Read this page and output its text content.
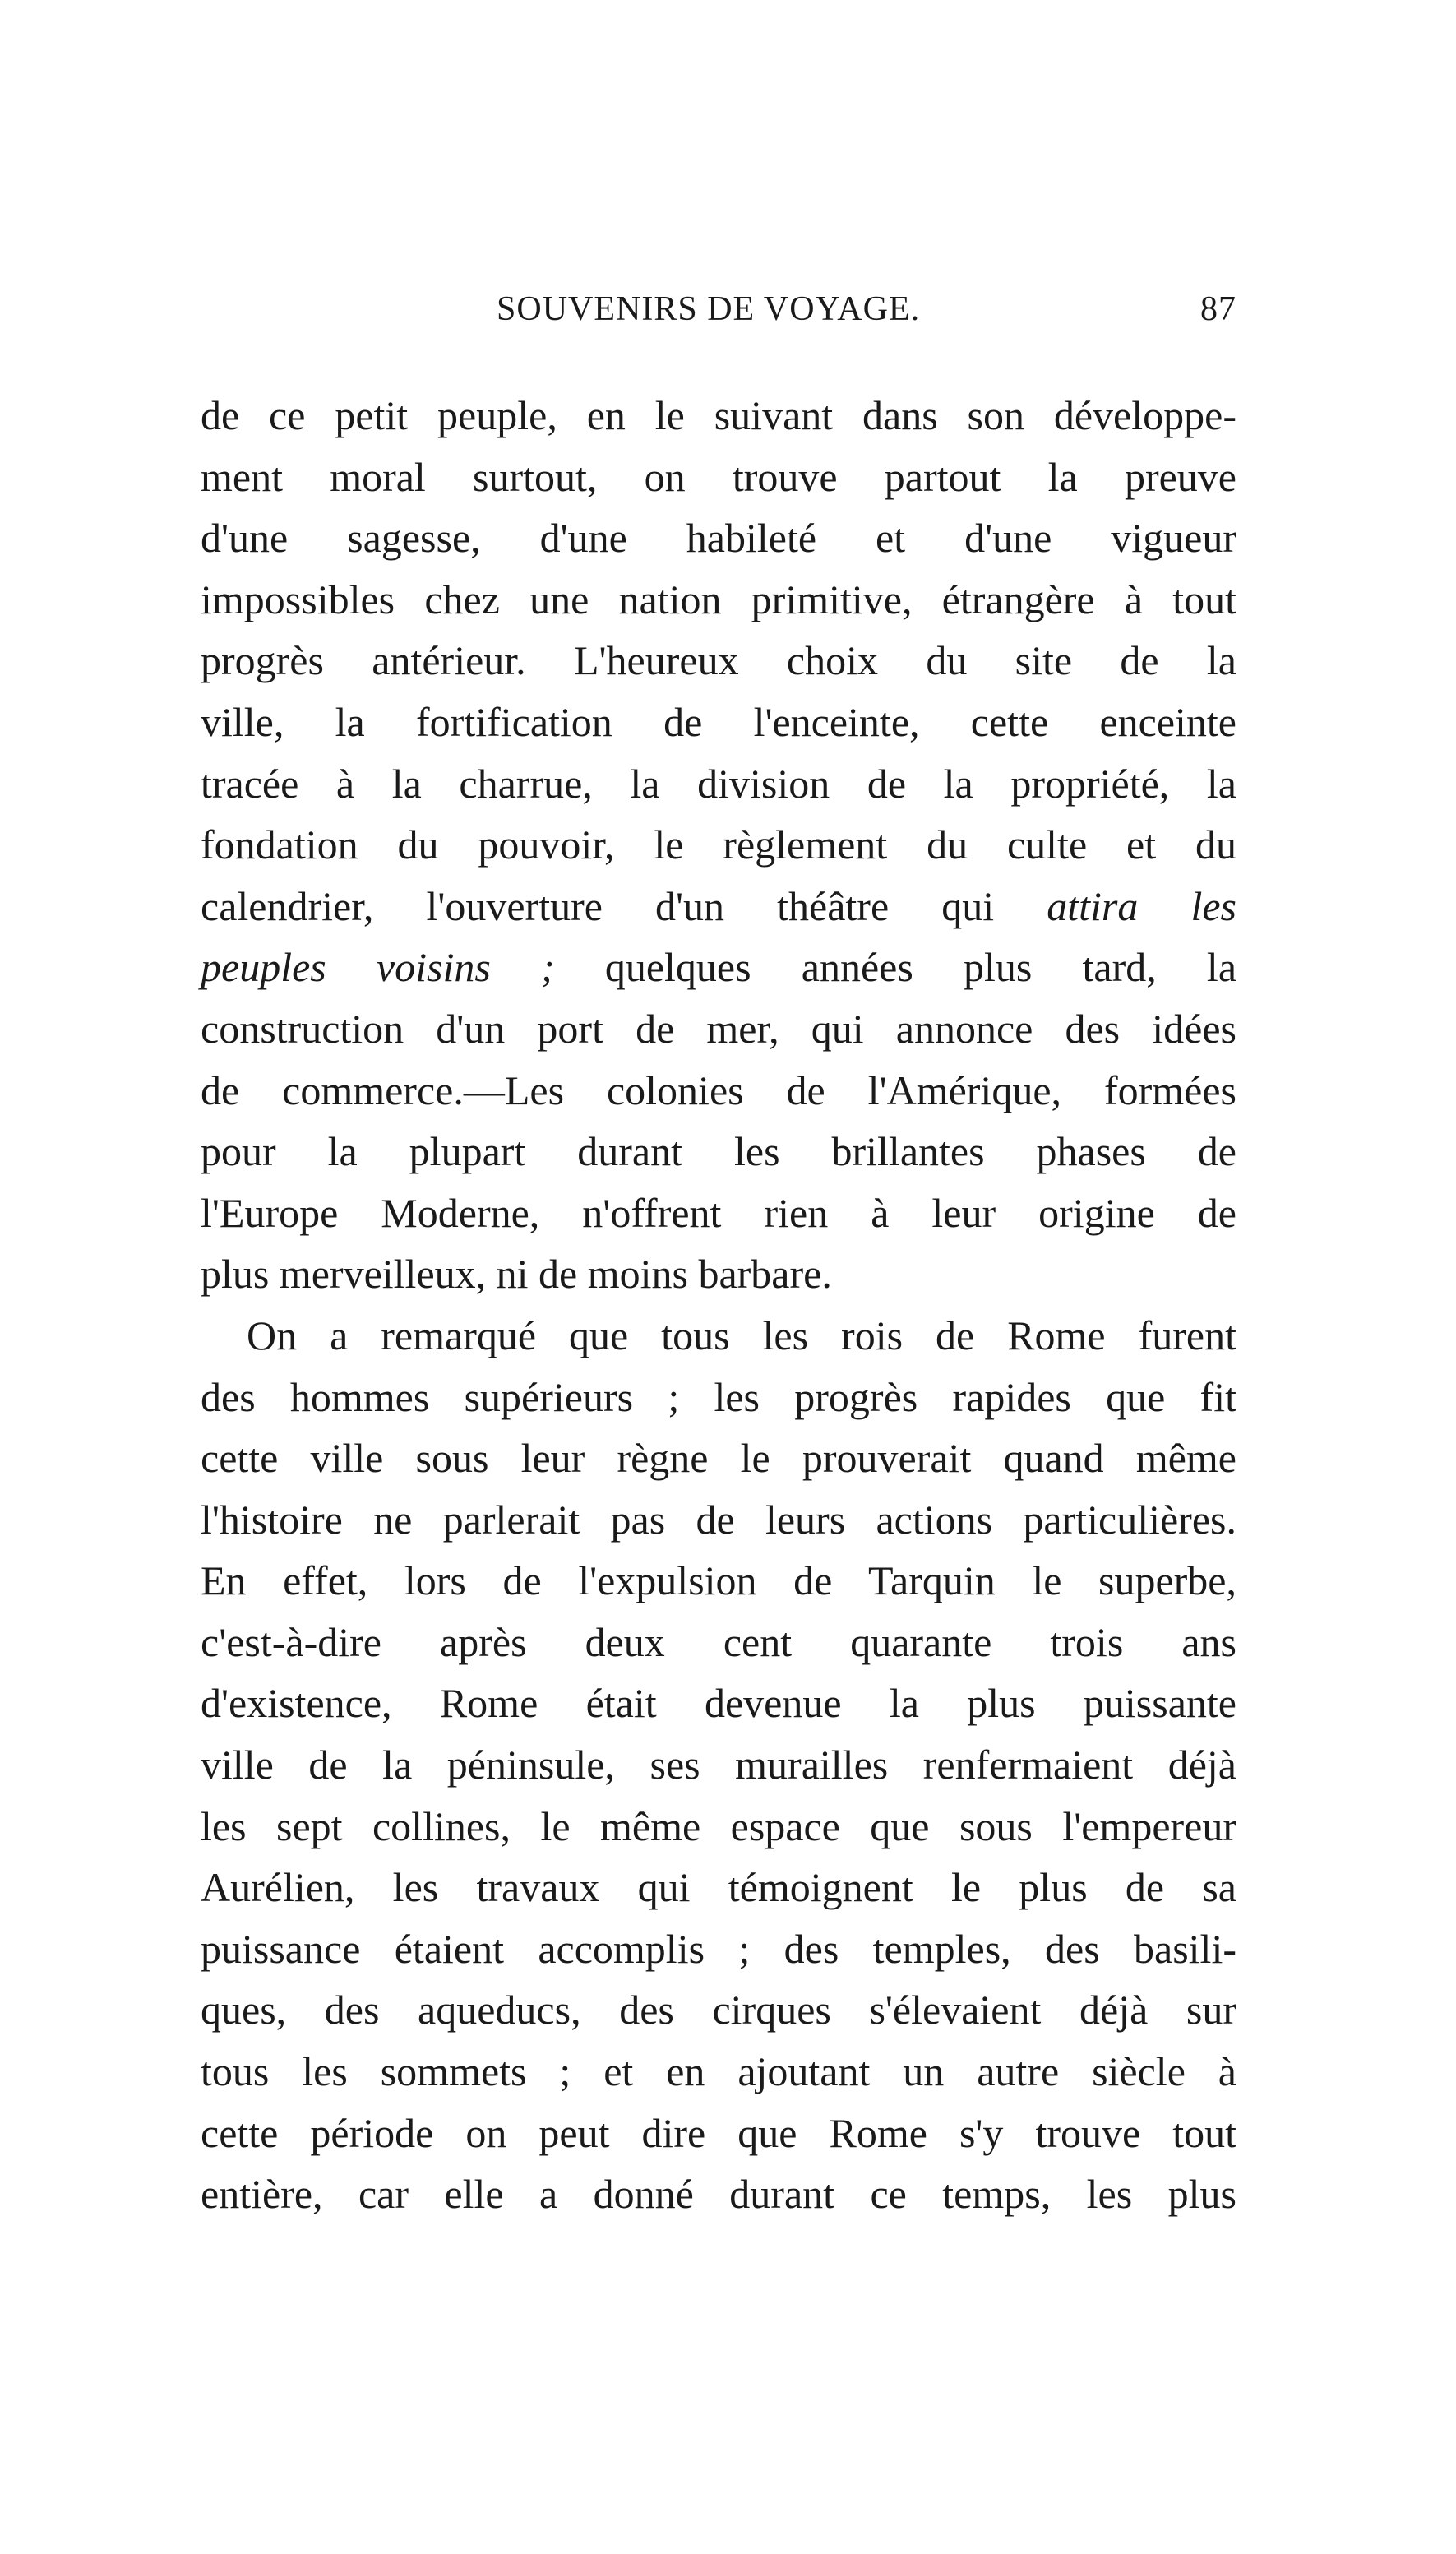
SOUVENIRS DE VOYAGE.	87
de ce petit peuple, en le suivant dans son développe-
ment moral surtout, on trouve partout la preuve
d'une sagesse, d'une habileté et d'une vigueur
impossibles chez une nation primitive, étrangère à tout
progrès antérieur. L'heureux choix du site de la
ville, la fortification de l'enceinte, cette enceinte
tracée à la charrue, la division de la propriété, la
fondation du pouvoir, le règlement du culte et du
calendrier, l'ouverture d'un théâtre qui attira les
peuples voisins ; quelques années plus tard, la
construction d'un port de mer, qui annonce des idées
de commerce.—Les colonies de l'Amérique, formées
pour la plupart durant les brillantes phases de
l'Europe Moderne, n'offrent rien à leur origine de
plus merveilleux, ni de moins barbare.
On a remarqué que tous les rois de Rome furent
des hommes supérieurs ; les progrès rapides que fit
cette ville sous leur règne le prouverait quand même
l'histoire ne parlerait pas de leurs actions particulières.
En effet, lors de l'expulsion de Tarquin le superbe,
c'est-à-dire après deux cent quarante trois ans
d'existence, Rome était devenue la plus puissante
ville de la péninsule, ses murailles renfermaient déjà
les sept collines, le même espace que sous l'empereur
Aurélien, les travaux qui témoignent le plus de sa
puissance étaient accomplis ; des temples, des basili-
ques, des aqueducs, des cirques s'élevaient déjà sur
tous les sommets ; et en ajoutant un autre siècle à
cette période on peut dire que Rome s'y trouve tout
entière, car elle a donné durant ce temps, les plus
